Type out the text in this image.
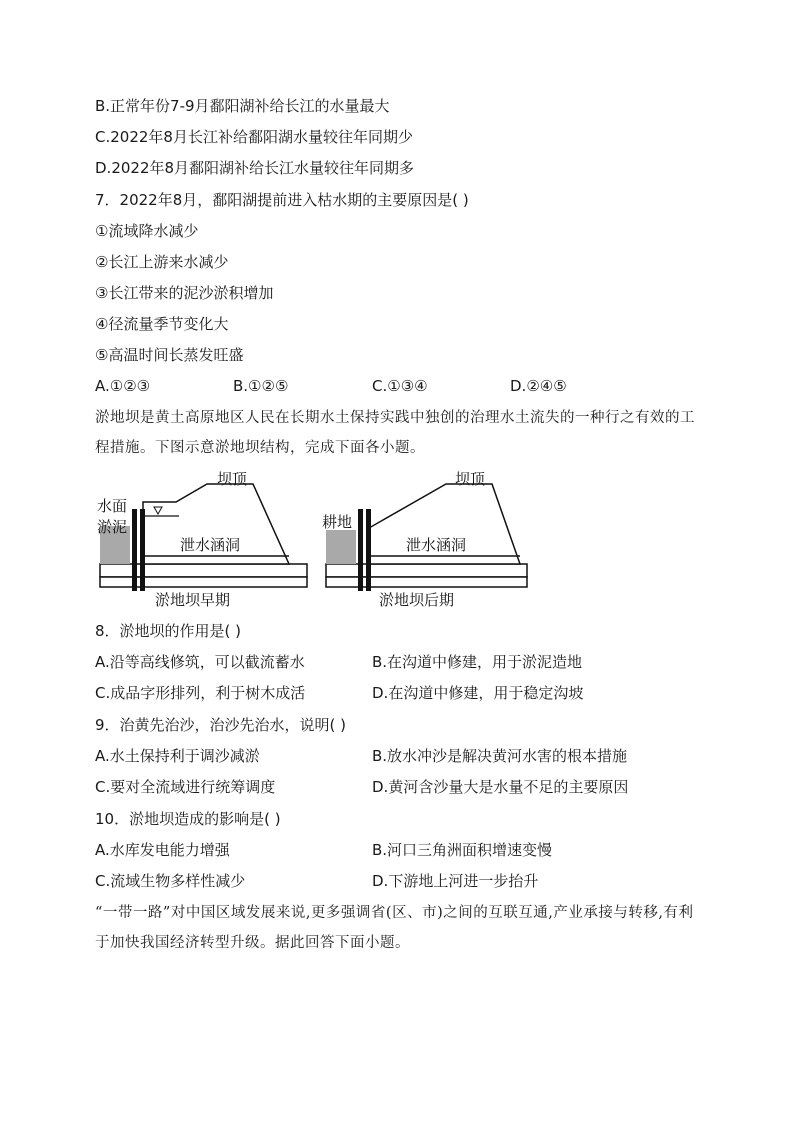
B.正常年份7-9月鄱阳湖补给长江的水量最大
C.2022年8月长江补给鄱阳湖水量较往年同期少
D.2022年8月鄱阳湖补给长江水量较往年同期多
7．2022年8月，鄱阳湖提前进入枯水期的主要原因是( )
①流域降水减少
②长江上游来水减少
③长江带来的泥沙淤积增加
④径流量季节变化大
⑤高温时间长蒸发旺盛
A.①②③	B.①②⑤	C.①③④	D.②④⑤
淤地坝是黄土高原地区人民在长期水土保持实践中独创的治理水土流失的一种行之有效的工程措施。下图示意淤地坝结构，完成下面各小题。
坝顶
水面
淤泥
泄水涵洞
淤地坝早期
坝顶
耕地
泄水涵洞
淤地坝后期
8．淤地坝的作用是( )
A.沿等高线修筑，可以截流蓄水	B.在沟道中修建，用于淤泥造地
C.成品字形排列，利于树木成活	D.在沟道中修建，用于稳定沟坡
9．治黄先治沙，治沙先治水，说明( )
A.水土保持利于调沙减淤	B.放水冲沙是解决黄河水害的根本措施
C.要对全流域进行统筹调度	D.黄河含沙量大是水量不足的主要原因
10．淤地坝造成的影响是( )
A.水库发电能力增强	B.河口三角洲面积增速变慢
C.流域生物多样性减少	D.下游地上河进一步抬升
“一带一路”对中国区域发展来说,更多强调省(区、市)之间的互联互通,产业承接与转移,有利于加快我国经济转型升级。据此回答下面小题。
